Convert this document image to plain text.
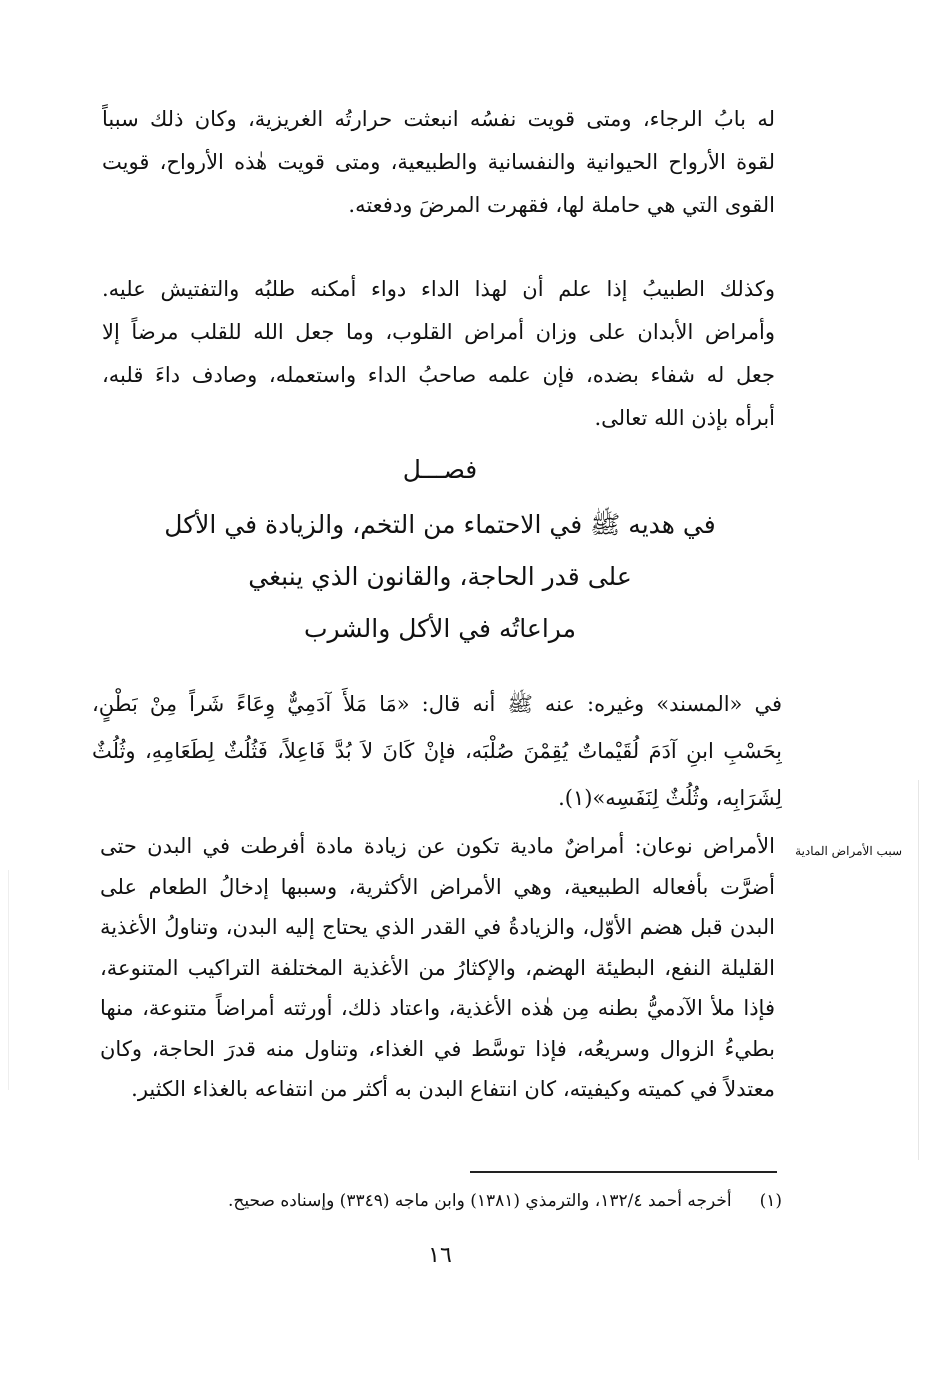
له بابُ الرجاء، ومتى قويت نفسُه انبعثت حرارتُه الغريزية، وكان ذلك سبباً
لقوة الأرواح الحيوانية والنفسانية والطبيعية، ومتى قويت هٰذه الأرواح، قويت
القوى التي هي حاملة لها، فقهرت المرضَ ودفعته.
وكذلك الطبيبُ إذا علم أن لهذا الداء دواء أمكنه طلبُه والتفتيش عليه.
وأمراض الأبدان على وزان أمراض القلوب، وما جعل الله للقلب مرضاً إلا
جعل له شفاء بضده، فإن علمه صاحبُ الداء واستعمله، وصادف داءَ قلبه،
أبرأه بإذن الله تعالى.
فصـــل
في هديه ﷺ في الاحتماء من التخم، والزيادة في الأكل
على قدر الحاجة، والقانون الذي ينبغي
مراعاتُه في الأكل والشرب
في «المسند» وغيره: عنه ﷺ أنه قال: «مَا مَلأَ آدَمِيٌّ وِعَاءً شَراً مِنْ بَطْنٍ،
بِحَسْبِ ابنِ آدَمَ لُقَيْماتٌ يُقِمْنَ صُلْبَه، فإنْ كَانَ لاَ بُدَّ فَاعِلاً، فَثُلُثٌ لِطَعَامِهِ، وثُلُثٌ
لِشَرَابِه، وثُلُثٌ لِنَفَسِه»(١).
سبب الأمراض المادية
الأمراض نوعان: أمراضٌ مادية تكون عن زيادة مادة أفرطت في البدن حتى
أضرَّت بأفعاله الطبيعية، وهي الأمراض الأكثرية، وسببها إدخالُ الطعام على
البدن قبل هضم الأوّل، والزيادةُ في القدر الذي يحتاج إليه البدن، وتناولُ الأغذية
القليلة النفع، البطيئة الهضم، والإكثارُ من الأغذية المختلفة التراكيب المتنوعة،
فإذا ملأ الآدميُّ بطنه مِن هٰذه الأغذية، واعتاد ذلك، أورثته أمراضاً متنوعة، منها
بطيءُ الزوال وسريعُه، فإذا توسَّط في الغذاء، وتناول منه قدرَ الحاجة، وكان
معتدلاً في كميته وكيفيته، كان انتفاع البدن به أكثر من انتفاعه بالغذاء الكثير.
(١)أخرجه أحمد ١٣٢/٤، والترمذي (١٣٨١) وابن ماجه (٣٣٤٩) وإسناده صحيح.
١٦
